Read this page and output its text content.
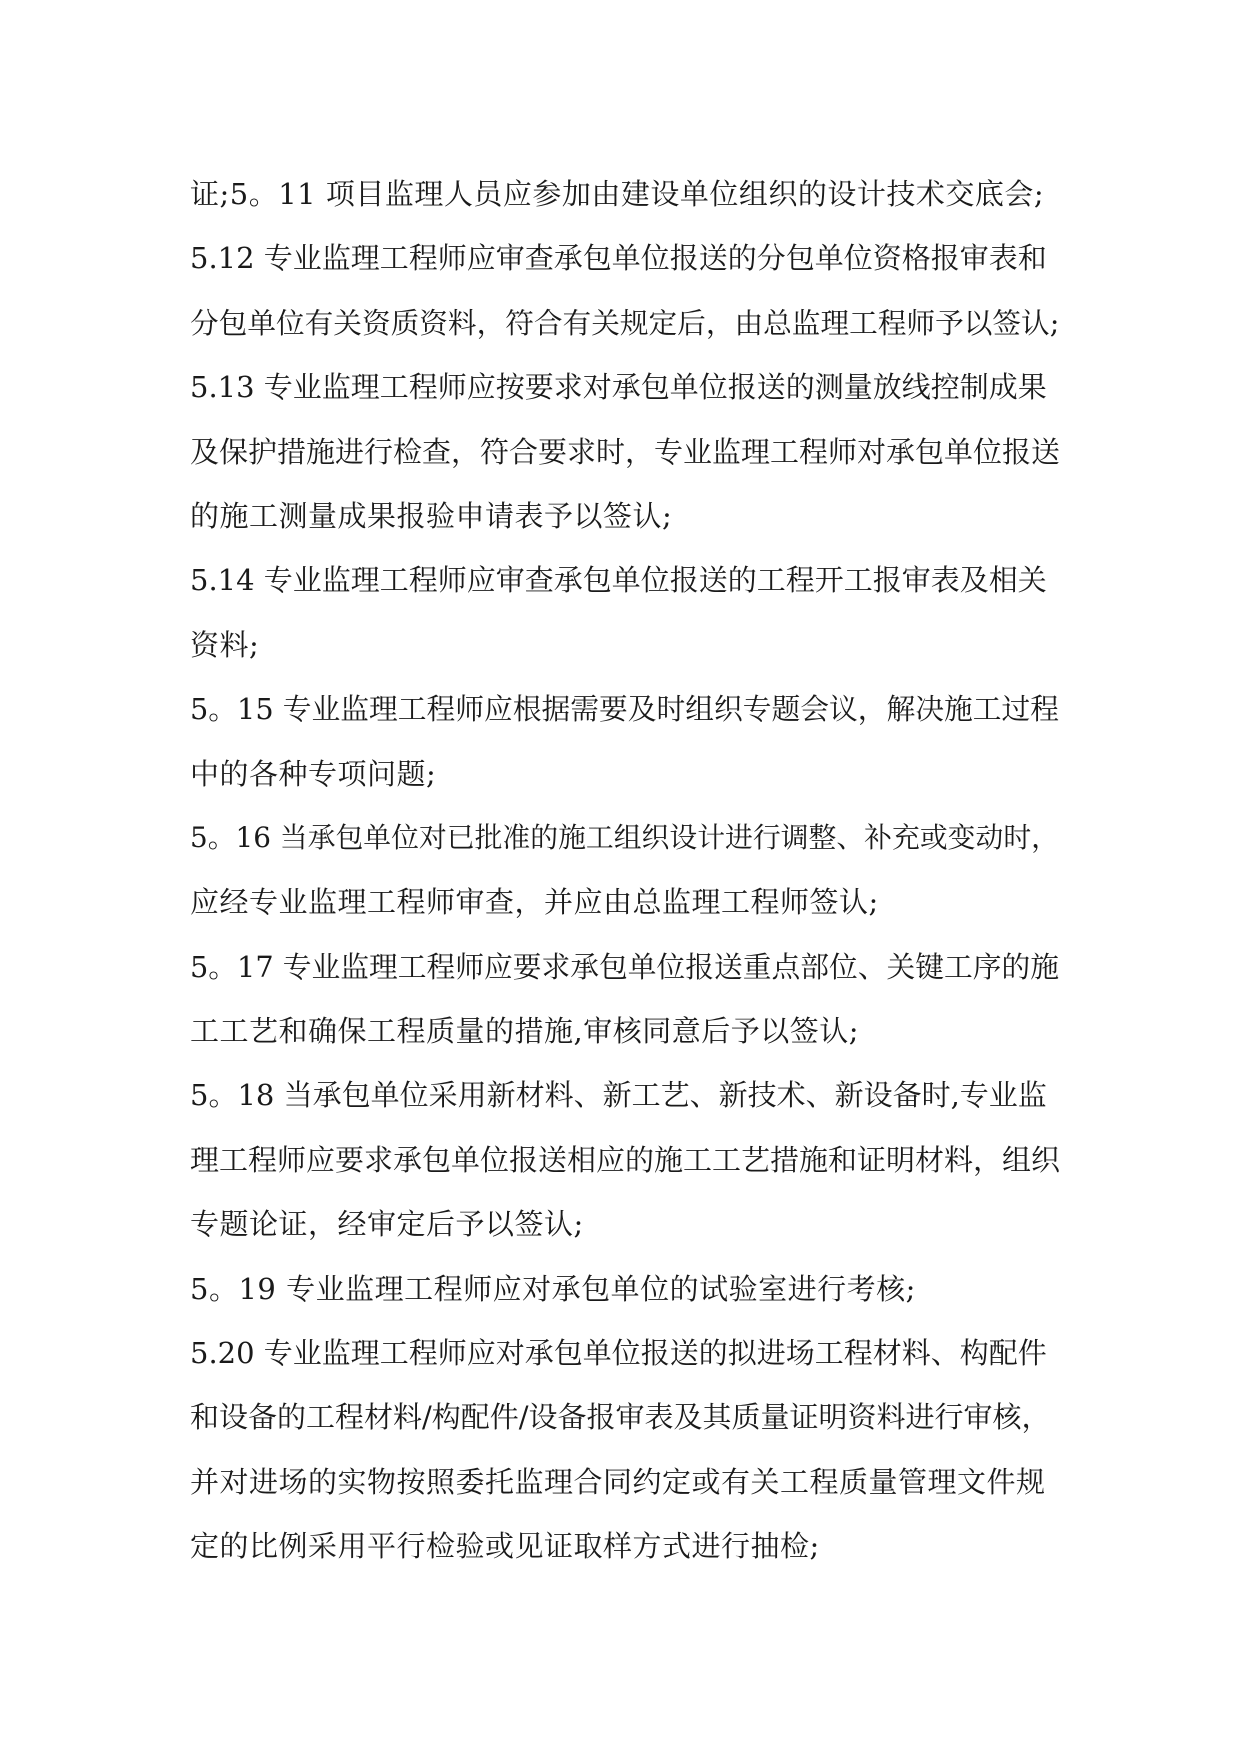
证;5。11 项目监理人员应参加由建设单位组织的设计技术交底会;
5.12 专业监理工程师应审查承包单位报送的分包单位资格报审表和
分包单位有关资质资料，符合有关规定后，由总监理工程师予以签认;
5.13 专业监理工程师应按要求对承包单位报送的测量放线控制成果
及保护措施进行检查，符合要求时，专业监理工程师对承包单位报送
的施工测量成果报验申请表予以签认;
5.14 专业监理工程师应审查承包单位报送的工程开工报审表及相关
资料;
5。15 专业监理工程师应根据需要及时组织专题会议，解决施工过程
中的各种专项问题;
5。16 当承包单位对已批准的施工组织设计进行调整、补充或变动时，
应经专业监理工程师审查，并应由总监理工程师签认;
5。17 专业监理工程师应要求承包单位报送重点部位、关键工序的施
工工艺和确保工程质量的措施,审核同意后予以签认;
5。18 当承包单位采用新材料、新工艺、新技术、新设备时,专业监
理工程师应要求承包单位报送相应的施工工艺措施和证明材料，组织
专题论证，经审定后予以签认;
5。19 专业监理工程师应对承包单位的试验室进行考核;
5.20 专业监理工程师应对承包单位报送的拟进场工程材料、构配件
和设备的工程材料/构配件/设备报审表及其质量证明资料进行审核，
并对进场的实物按照委托监理合同约定或有关工程质量管理文件规
定的比例采用平行检验或见证取样方式进行抽检;
